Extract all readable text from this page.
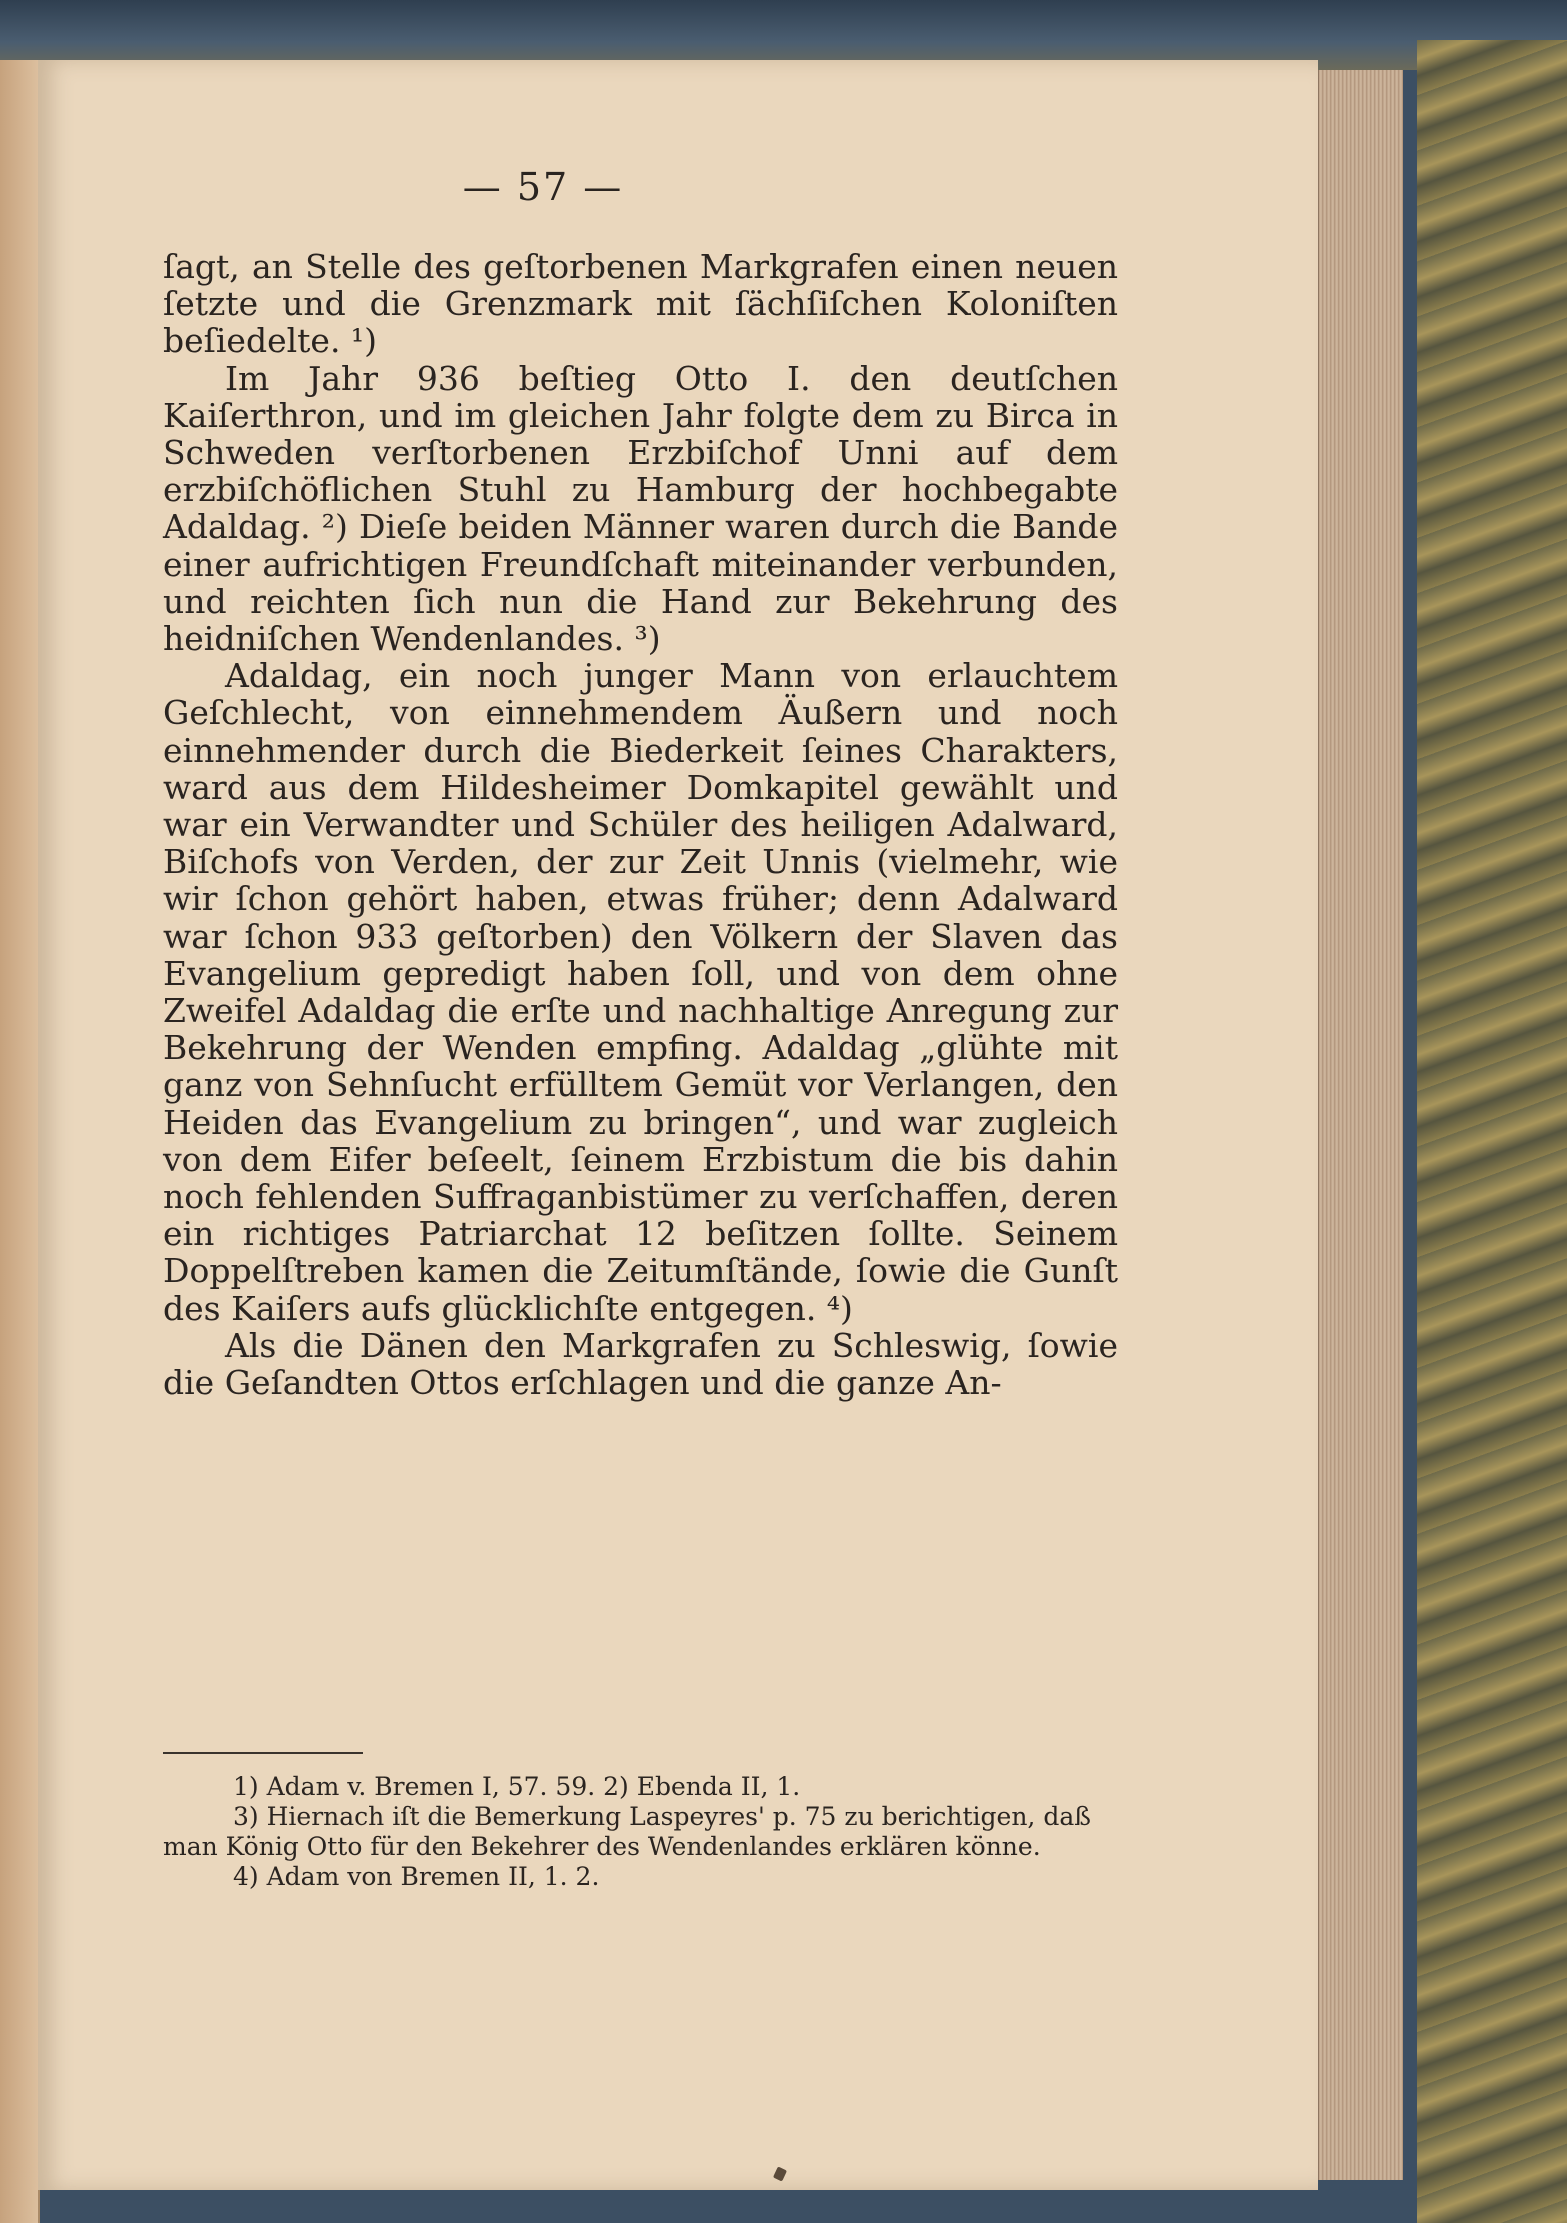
— 57 —

ſagt, an Stelle des geſtorbenen Markgrafen einen neuen ſetzte und die Grenzmark mit ſächſiſchen Koloniſten beſiedelte. ¹)

Im Jahr 936 beſtieg Otto I. den deutſchen Kaiſerthron, und im gleichen Jahr folgte dem zu Birca in Schweden verſtorbenen Erzbiſchof Unni auf dem erzbiſchöflichen Stuhl zu Hamburg der hochbegabte Adaldag. ²) Dieſe beiden Männer waren durch die Bande einer aufrichtigen Freundſchaft miteinander verbunden, und reichten ſich nun die Hand zur Bekehrung des heidniſchen Wendenlandes. ³)

Adaldag, ein noch junger Mann von erlauchtem Geſchlecht, von einnehmendem Äußern und noch einnehmender durch die Biederkeit ſeines Charakters, ward aus dem Hildesheimer Domkapitel gewählt und war ein Verwandter und Schüler des heiligen Adalward, Biſchofs von Verden, der zur Zeit Unnis (vielmehr, wie wir ſchon gehört haben, etwas früher; denn Adalward war ſchon 933 geſtorben) den Völkern der Slaven das Evangelium gepredigt haben ſoll, und von dem ohne Zweifel Adaldag die erſte und nachhaltige Anregung zur Bekehrung der Wenden empfing. Adaldag „glühte mit ganz von Sehnſucht erfülltem Gemüt vor Verlangen, den Heiden das Evangelium zu bringen“, und war zugleich von dem Eifer beſeelt, ſeinem Erzbistum die bis dahin noch fehlenden Suffraganbistümer zu verſchaffen, deren ein richtiges Patriarchat 12 beſitzen ſollte. Seinem Doppelſtreben kamen die Zeitumſtände, ſowie die Gunſt des Kaiſers aufs glücklichſte entgegen. ⁴)

Als die Dänen den Markgrafen zu Schleswig, ſowie die Geſandten Ottos erſchlagen und die ganze An-

1) Adam v. Bremen I, 57. 59. 2) Ebenda II, 1.

3) Hiernach iſt die Bemerkung Laspeyres' p. 75 zu berichtigen, daß man König Otto für den Bekehrer des Wendenlandes erklären könne.

4) Adam von Bremen II, 1. 2.
